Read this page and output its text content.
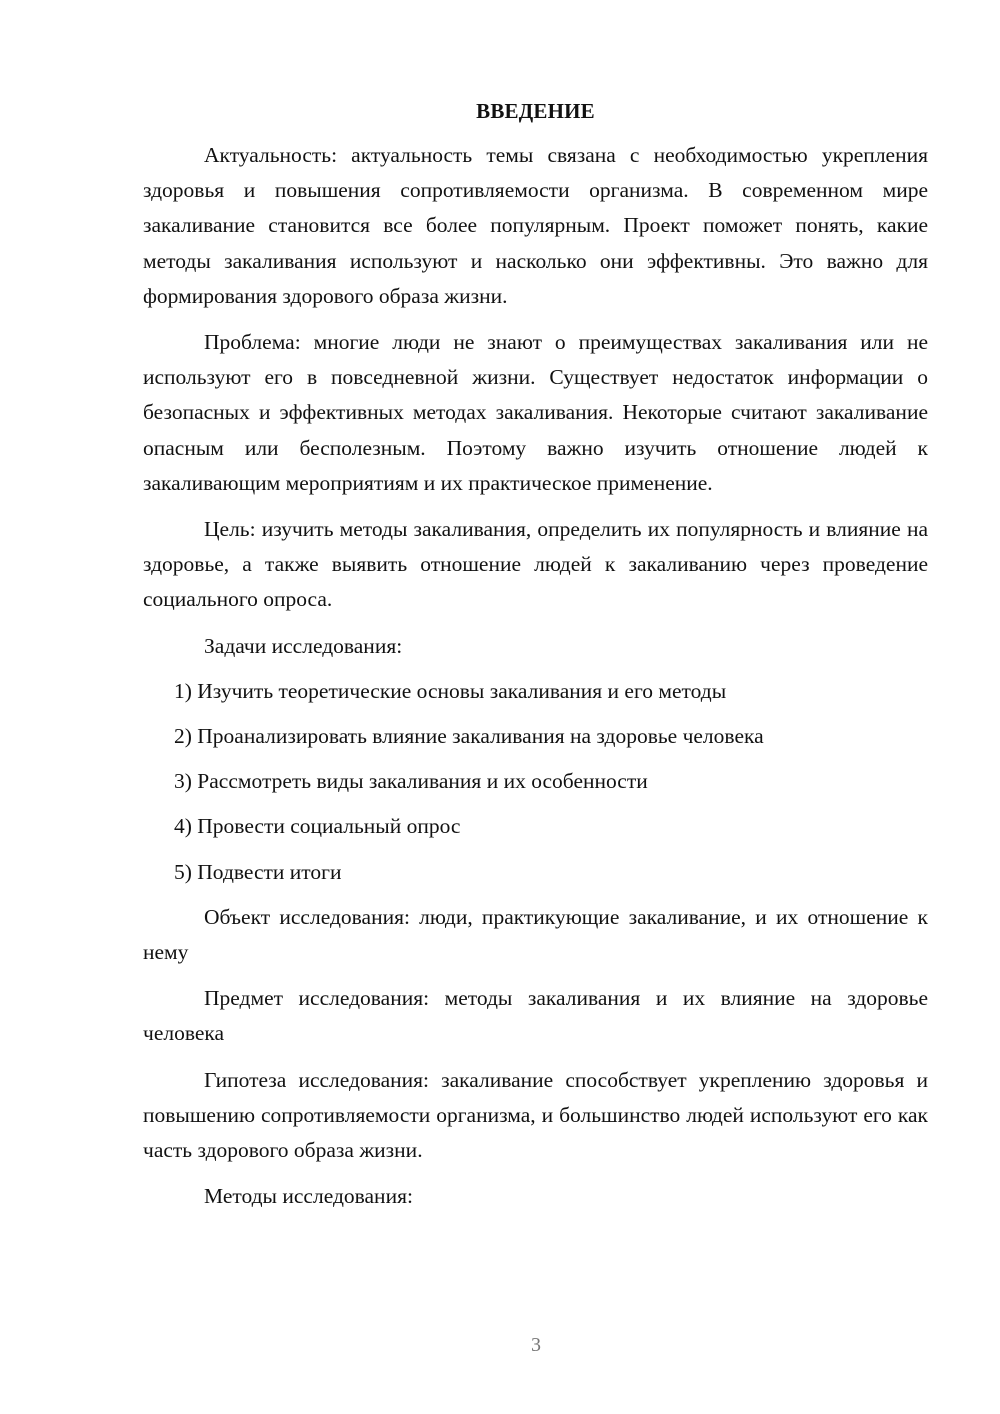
ВВЕДЕНИЕ

Актуальность: актуальность темы связана с необходимостью укрепления здоровья и повышения сопротивляемости организма. В современном мире закаливание становится все более популярным. Проект поможет понять, какие методы закаливания используют и насколько они эффективны. Это важно для формирования здорового образа жизни.

Проблема: многие люди не знают о преимуществах закаливания или не используют его в повседневной жизни. Существует недостаток информации о безопасных и эффективных методах закаливания. Некоторые считают закаливание опасным или бесполезным. Поэтому важно изучить отношение людей к закаливающим мероприятиям и их практическое применение.

Цель: изучить методы закаливания, определить их популярность и влияние на здоровье, а также выявить отношение людей к закаливанию через проведение социального опроса.

Задачи исследования:

1) Изучить теоретические основы закаливания и его методы
2) Проанализировать влияние закаливания на здоровье человека
3) Рассмотреть виды закаливания и их особенности
4) Провести социальный опрос
5) Подвести итоги

Объект исследования: люди, практикующие закаливание, и их отношение к нему

Предмет исследования: методы закаливания и их влияние на здоровье человека

Гипотеза исследования: закаливание способствует укреплению здоровья и повышению сопротивляемости организма, и большинство людей используют его как часть здорового образа жизни.

Методы исследования:

3
